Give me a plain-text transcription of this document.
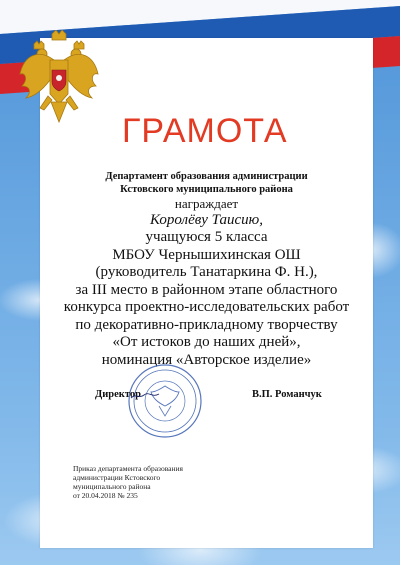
ГРАМОТА
Департамент образования администрации
Кстовского муниципального района
награждает
Королёву Таисию,
учащуюся 5 класса
МБОУ Чернышихинская ОШ
(руководитель Танатаркина Ф. Н.),
за III место в районном этапе областного
конкурса проектно-исследовательских работ
по декоративно-прикладному творчеству
«От истоков до наших дней»,
номинация «Авторское изделие»
Директор	В.П. Романчук
Приказ департамента образования
администрации Кстовского
муниципального района
от 20.04.2018 № 235
